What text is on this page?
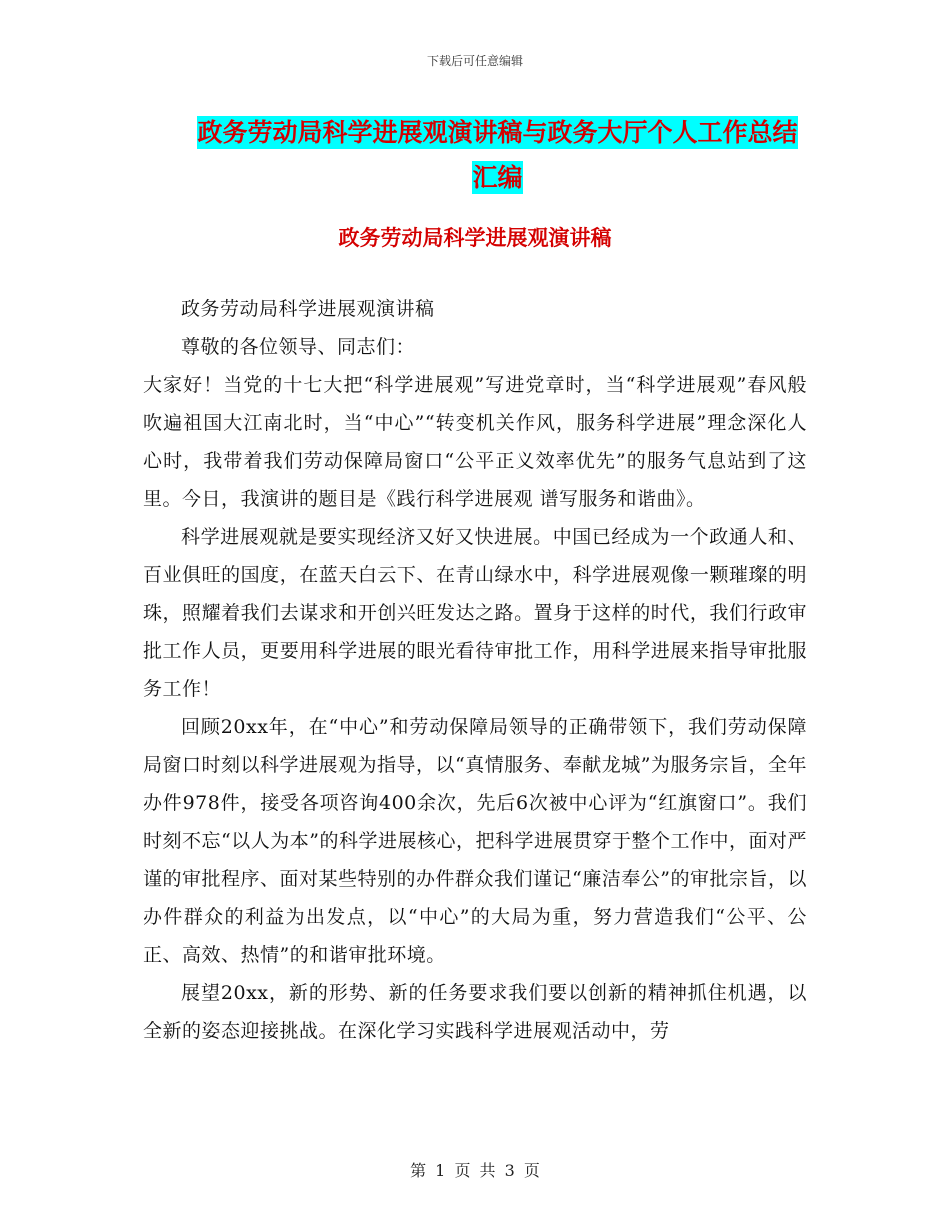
下载后可任意编辑
政务劳动局科学进展观演讲稿与政务大厅个人工作总结汇编
政务劳动局科学进展观演讲稿

政务劳动局科学进展观演讲稿

尊敬的各位领导、同志们：

大家好！当党的十七大把“科学进展观”写进党章时，当“科学进展观”春风般吹遍祖国大江南北时，当“中心”“转变机关作风，服务科学进展”理念深化人心时，我带着我们劳动保障局窗口“公平正义效率优先”的服务气息站到了这里。今日，我演讲的题目是《践行科学进展观 谱写服务和谐曲》。

科学进展观就是要实现经济又好又快进展。中国已经成为一个政通人和、百业俱旺的国度，在蓝天白云下、在青山绿水中，科学进展观像一颗璀璨的明珠，照耀着我们去谋求和开创兴旺发达之路。置身于这样的时代，我们行政审批工作人员，更要用科学进展的眼光看待审批工作，用科学进展来指导审批服务工作！

回顾20xx年，在“中心”和劳动保障局领导的正确带领下，我们劳动保障局窗口时刻以科学进展观为指导，以“真情服务、奉献龙城”为服务宗旨，全年办件978件，接受各项咨询400余次，先后6次被中心评为“红旗窗口”。我们时刻不忘“以人为本”的科学进展核心，把科学进展贯穿于整个工作中，面对严谨的审批程序、面对某些特别的办件群众我们谨记“廉洁奉公”的审批宗旨，以办件群众的利益为出发点，以“中心”的大局为重，努力营造我们“公平、公正、高效、热情”的和谐审批环境。

展望20xx，新的形势、新的任务要求我们要以创新的精神抓住机遇，以全新的姿态迎接挑战。在深化学习实践科学进展观活动中，劳

第 1 页 共 3 页
